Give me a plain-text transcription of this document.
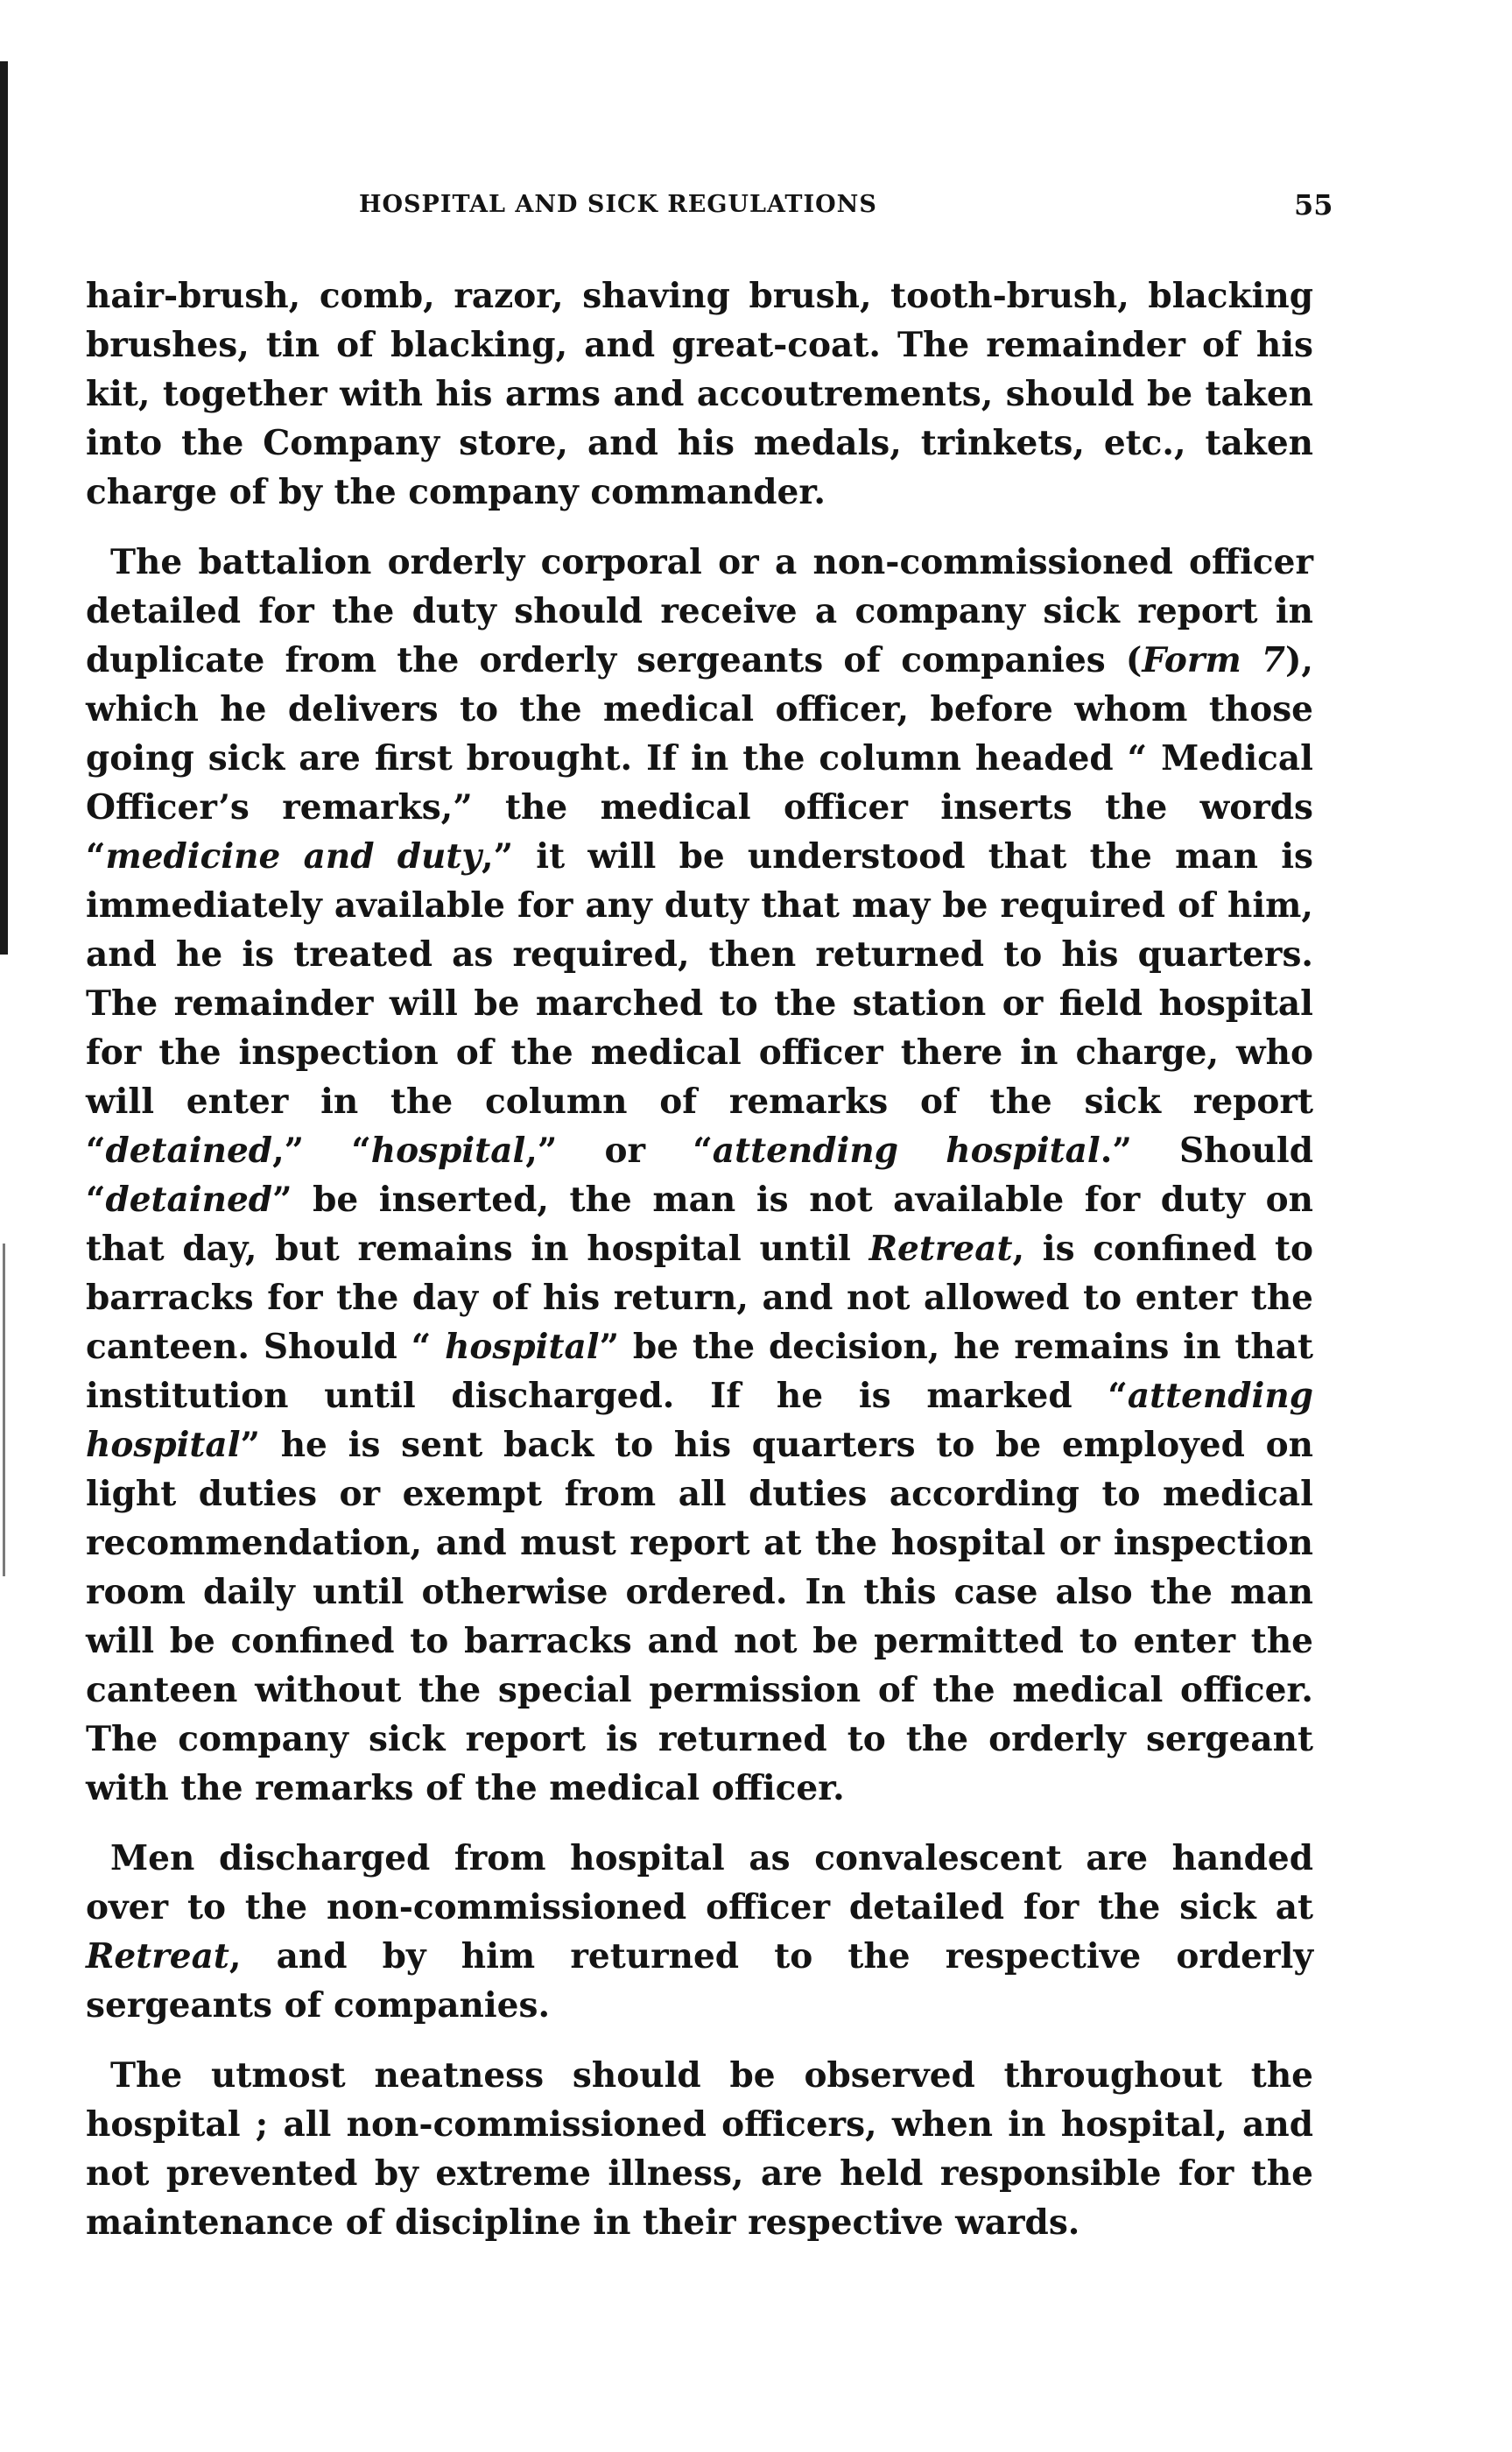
HOSPITAL AND SICK REGULATIONS	55

hair-brush, comb, razor, shaving brush, tooth-brush, blacking brushes, tin of blacking, and great-coat. The remainder of his kit, together with his arms and accoutrements, should be taken into the Company store, and his medals, trinkets, etc., taken charge of by the company commander.

The battalion orderly corporal or a non-commissioned officer detailed for the duty should receive a company sick report in duplicate from the orderly sergeants of companies (Form 7), which he delivers to the medical officer, before whom those going sick are first brought. If in the column headed “ Medical Officer’s remarks,” the medical officer inserts the words “medicine and duty,” it will be understood that the man is immediately available for any duty that may be required of him, and he is treated as required, then returned to his quarters. The remainder will be marched to the station or field hospital for the inspection of the medical officer there in charge, who will enter in the column of remarks of the sick report “detained,” “hospital,” or “attending hospital.” Should “detained” be inserted, the man is not available for duty on that day, but remains in hospital until Retreat, is confined to barracks for the day of his return, and not allowed to enter the canteen. Should “ hospital” be the decision, he remains in that institution until discharged. If he is marked “attending hospital” he is sent back to his quarters to be employed on light duties or exempt from all duties according to medical recommendation, and must report at the hospital or inspection room daily until otherwise ordered. In this case also the man will be confined to barracks and not be permitted to enter the canteen without the special permission of the medical officer. The company sick report is returned to the orderly sergeant with the remarks of the medical officer.

Men discharged from hospital as convalescent are handed over to the non-commissioned officer detailed for the sick at Retreat, and by him returned to the respective orderly sergeants of companies.

The utmost neatness should be observed throughout the hospital ; all non-commissioned officers, when in hospital, and not prevented by extreme illness, are held responsible for the maintenance of discipline in their respective wards.
